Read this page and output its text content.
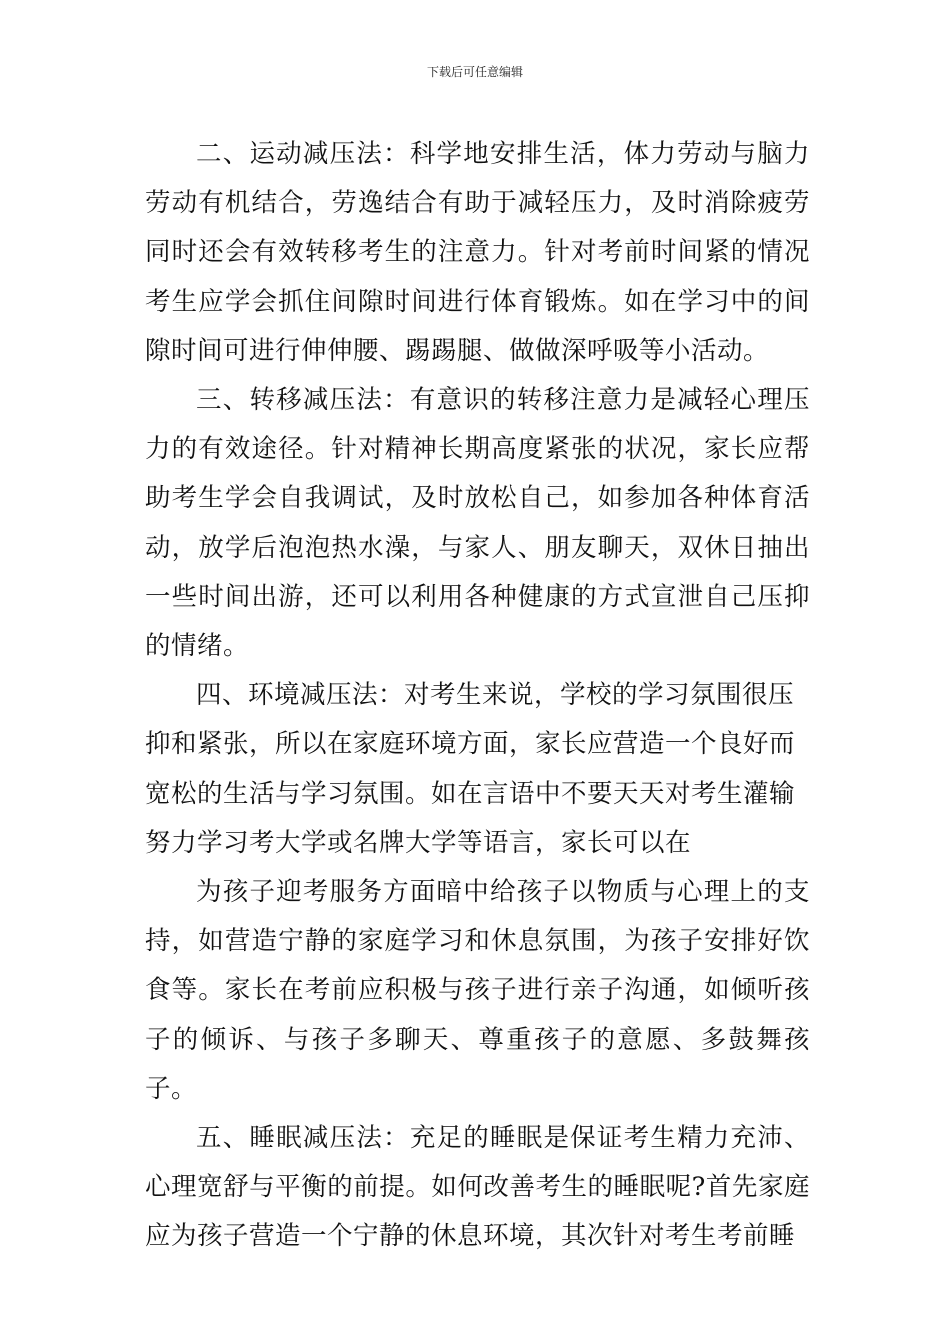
下载后可任意编辑

二、运动减压法：科学地安排生活，体力劳动与脑力劳动有机结合，劳逸结合有助于减轻压力，及时消除疲劳同时还会有效转移考生的注意力。针对考前时间紧的情况考生应学会抓住间隙时间进行体育锻炼。如在学习中的间隙时间可进行伸伸腰、踢踢腿、做做深呼吸等小活动。

三、转移减压法：有意识的转移注意力是减轻心理压力的有效途径。针对精神长期高度紧张的状况，家长应帮助考生学会自我调试，及时放松自己，如参加各种体育活动，放学后泡泡热水澡，与家人、朋友聊天，双休日抽出一些时间出游，还可以利用各种健康的方式宣泄自己压抑的情绪。

四、环境减压法：对考生来说，学校的学习氛围很压抑和紧张，所以在家庭环境方面，家长应营造一个良好而宽松的生活与学习氛围。如在言语中不要天天对考生灌输努力学习考大学或名牌大学等语言，家长可以在

为孩子迎考服务方面暗中给孩子以物质与心理上的支持，如营造宁静的家庭学习和休息氛围，为孩子安排好饮食等。家长在考前应积极与孩子进行亲子沟通，如倾听孩子的倾诉、与孩子多聊天、尊重孩子的意愿、多鼓舞孩子。

五、睡眠减压法：充足的睡眠是保证考生精力充沛、心理宽舒与平衡的前提。如何改善考生的睡眠呢?首先家庭应为孩子营造一个宁静的休息环境，其次针对考生考前睡
